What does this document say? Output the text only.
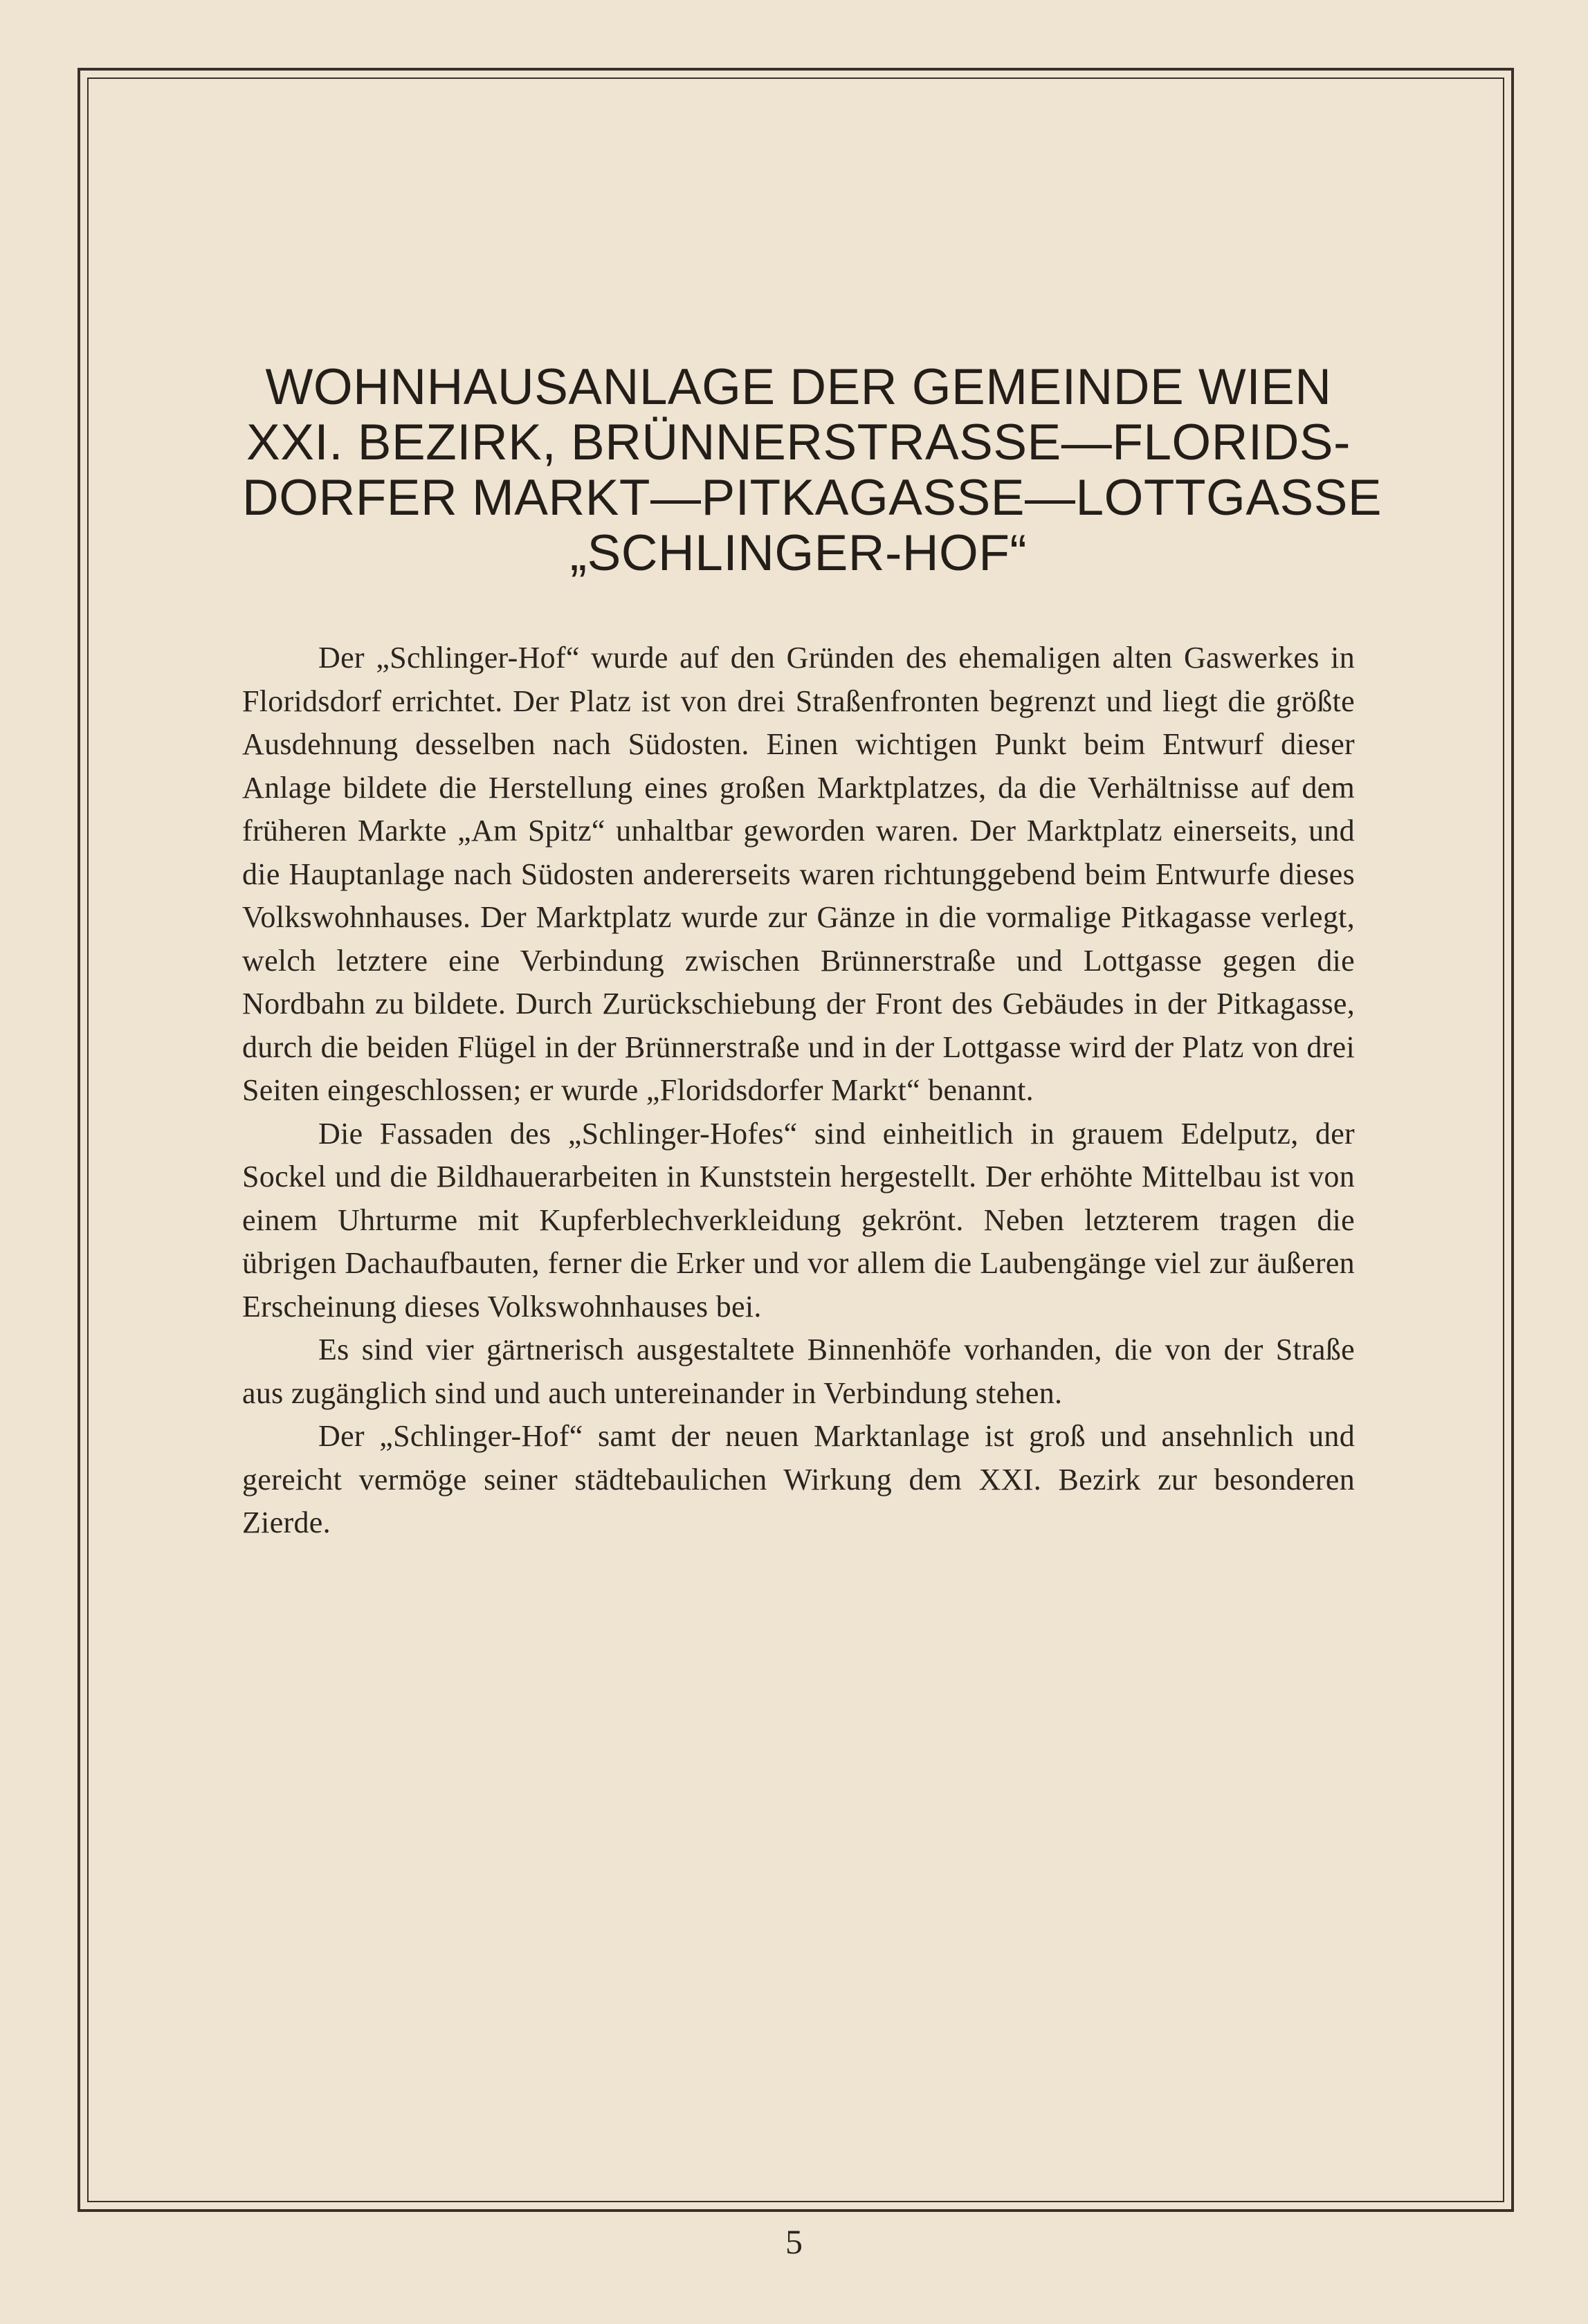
WOHNHAUSANLAGE DER GEMEINDE WIEN
XXI. BEZIRK, BRÜNNERSTRASSE—FLORIDS-
DORFER MARKT—PITKAGASSE—LOTTGASSE
„SCHLINGER-HOF“

Der „Schlinger-Hof“ wurde auf den Gründen des ehemaligen alten Gaswerkes in Floridsdorf errichtet. Der Platz ist von drei Straßenfronten begrenzt und liegt die größte Ausdehnung desselben nach Südosten. Einen wichtigen Punkt beim Entwurf dieser Anlage bildete die Herstellung eines großen Marktplatzes, da die Verhältnisse auf dem früheren Markte „Am Spitz“ unhaltbar geworden waren. Der Marktplatz einerseits, und die Hauptanlage nach Südosten andererseits waren richtunggebend beim Entwurfe dieses Volkswohnhauses. Der Marktplatz wurde zur Gänze in die vormalige Pitkagasse verlegt, welch letztere eine Verbindung zwischen Brünnerstraße und Lottgasse gegen die Nordbahn zu bildete. Durch Zurückschiebung der Front des Gebäudes in der Pitkagasse, durch die beiden Flügel in der Brünnerstraße und in der Lottgasse wird der Platz von drei Seiten eingeschlossen; er wurde „Floridsdorfer Markt“ benannt.

Die Fassaden des „Schlinger-Hofes“ sind einheitlich in grauem Edelputz, der Sockel und die Bildhauerarbeiten in Kunststein hergestellt. Der erhöhte Mittelbau ist von einem Uhrturme mit Kupferblechverkleidung gekrönt. Neben letzterem tragen die übrigen Dachaufbauten, ferner die Erker und vor allem die Laubengänge viel zur äußeren Erscheinung dieses Volkswohnhauses bei.

Es sind vier gärtnerisch ausgestaltete Binnenhöfe vorhanden, die von der Straße aus zugänglich sind und auch untereinander in Verbindung stehen.

Der „Schlinger-Hof“ samt der neuen Marktanlage ist groß und ansehnlich und gereicht vermöge seiner städtebaulichen Wirkung dem XXI. Bezirk zur besonderen Zierde.

5
